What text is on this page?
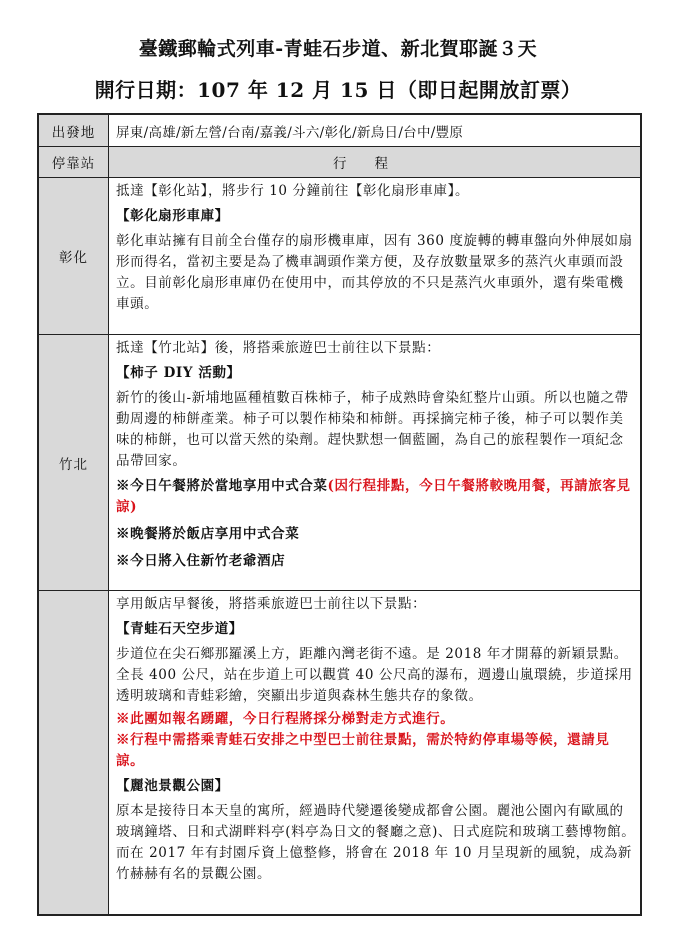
臺鐵郵輪式列車-青蛙石步道、新北賀耶誕３天
開行日期：107 年 12 月 15 日（即日起開放訂票）
出發地	屏東/高雄/新左營/台南/嘉義/斗六/彰化/新烏日/台中/豐原
停靠站	行程
彰化

抵達【彰化站】，將步行 10 分鐘前往【彰化扇形車庫】。

【彰化扇形車庫】

彰化車站擁有目前全台僅存的扇形機車庫，因有 360 度旋轉的轉車盤向外伸展如扇形而得名，當初主要是為了機車調頭作業方便，及存放數量眾多的蒸汽火車頭而設立。目前彰化扇形車庫仍在使用中，而其停放的不只是蒸汽火車頭外，還有柴電機車頭。

竹北

抵達【竹北站】後，將搭乘旅遊巴士前往以下景點：

【柿子 DIY 活動】

新竹的後山-新埔地區種植數百株柿子，柿子成熟時會染紅整片山頭。所以也隨之帶動周邊的柿餅產業。柿子可以製作柿染和柿餅。再採摘完柿子後，柿子可以製作美味的柿餅，也可以當天然的染劑。趕快默想一個藍圖，為自己的旅程製作一項紀念品帶回家。

※今日午餐將於當地享用中式合菜(因行程排點，今日午餐將較晚用餐，再請旅客見諒)

※晚餐將於飯店享用中式合菜

※今日將入住新竹老爺酒店

享用飯店早餐後，將搭乘旅遊巴士前往以下景點：

【青蛙石天空步道】

步道位在尖石鄉那羅溪上方，距離內灣老街不遠。是 2018 年才開幕的新穎景點。全長 400 公尺，站在步道上可以觀賞 40 公尺高的瀑布，週邊山嵐環繞，步道採用透明玻璃和青蛙彩繪，突顯出步道與森林生態共存的象徵。

※此團如報名踴躍，今日行程將採分梯對走方式進行。

※行程中需搭乘青蛙石安排之中型巴士前往景點，需於特約停車場等候，還請見諒。

【麗池景觀公園】

原本是接待日本天皇的寓所，經過時代變遷後變成都會公園。麗池公園內有歐風的玻璃鐘塔、日和式湖畔料亭(料亭為日文的餐廳之意)、日式庭院和玻璃工藝博物館。而在 2017 年有封園斥資上億整修，將會在 2018 年 10 月呈現新的風貌，成為新竹赫赫有名的景觀公園。
